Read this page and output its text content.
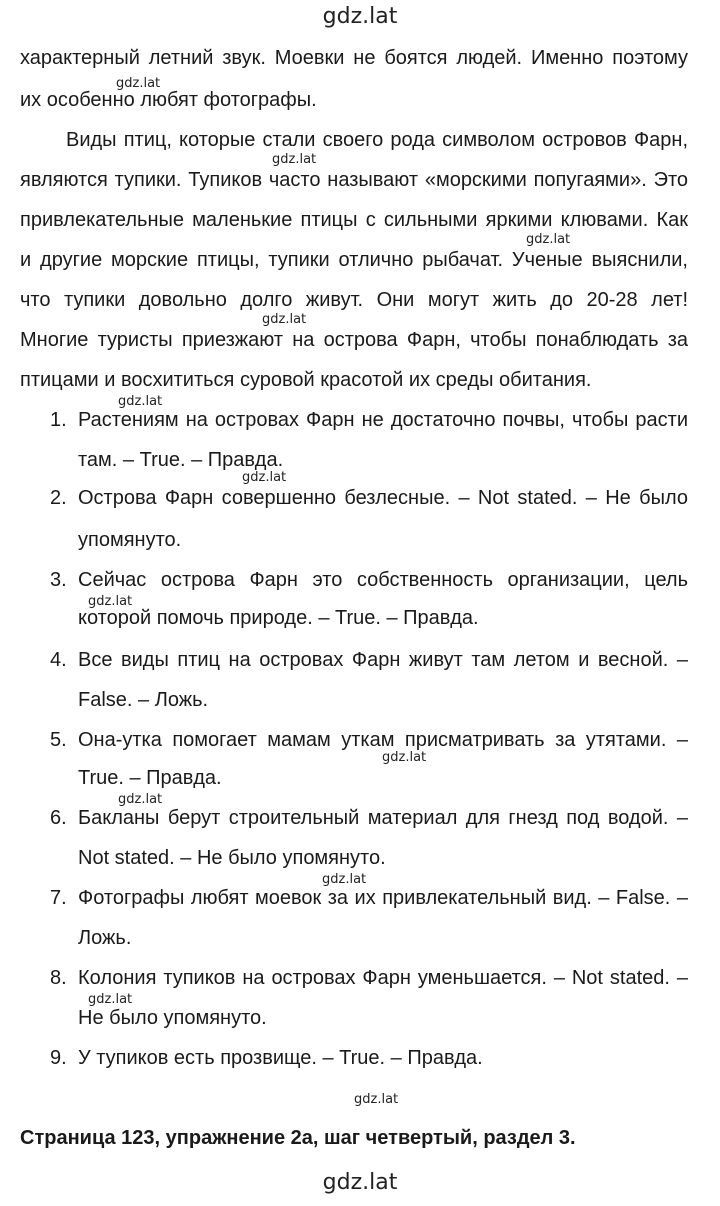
gdz.lat
характерный летний звук. Моевки не боятся людей. Именно поэтому
gdz.lat
их особенно любят фотографы.
Виды птиц, которые стали своего рода символом островов Фарн,
gdz.lat
являются тупики. Тупиков часто называют «морскими попугаями». Это
привлекательные маленькие птицы с сильными яркими клювами. Как
gdz.lat
и другие морские птицы, тупики отлично рыбачат. Ученые выяснили,
что тупики довольно долго живут. Они могут жить до 20-28 лет!
gdz.lat
Многие туристы приезжают на острова Фарн, чтобы понаблюдать за
птицами и восхититься суровой красотой их среды обитания.
gdz.lat
1. Растениям на островах Фарн не достаточно почвы, чтобы расти
там. – True. – Правда.
gdz.lat
2. Острова Фарн совершенно безлесные. – Not stated. – Не было
упомянуто.
3. Сейчас острова Фарн это собственность организации, цель
gdz.lat
которой помочь природе. – True. – Правда.
4. Все виды птиц на островах Фарн живут там летом и весной. –
False. – Ложь.
5. Она-утка помогает мамам уткам присматривать за утятами. –
gdz.lat
True. – Правда.
gdz.lat
6. Бакланы берут строительный материал для гнезд под водой. –
Not stated. – Не было упомянуто.
gdz.lat
7. Фотографы любят моевок за их привлекательный вид. – False. –
Ложь.
8. Колония тупиков на островах Фарн уменьшается. – Not stated. –
gdz.lat
Не было упомянуто.
9. У тупиков есть прозвище. – True. – Правда.
gdz.lat
Страница 123, упражнение 2a, шаг четвертый, раздел 3.
gdz.lat
